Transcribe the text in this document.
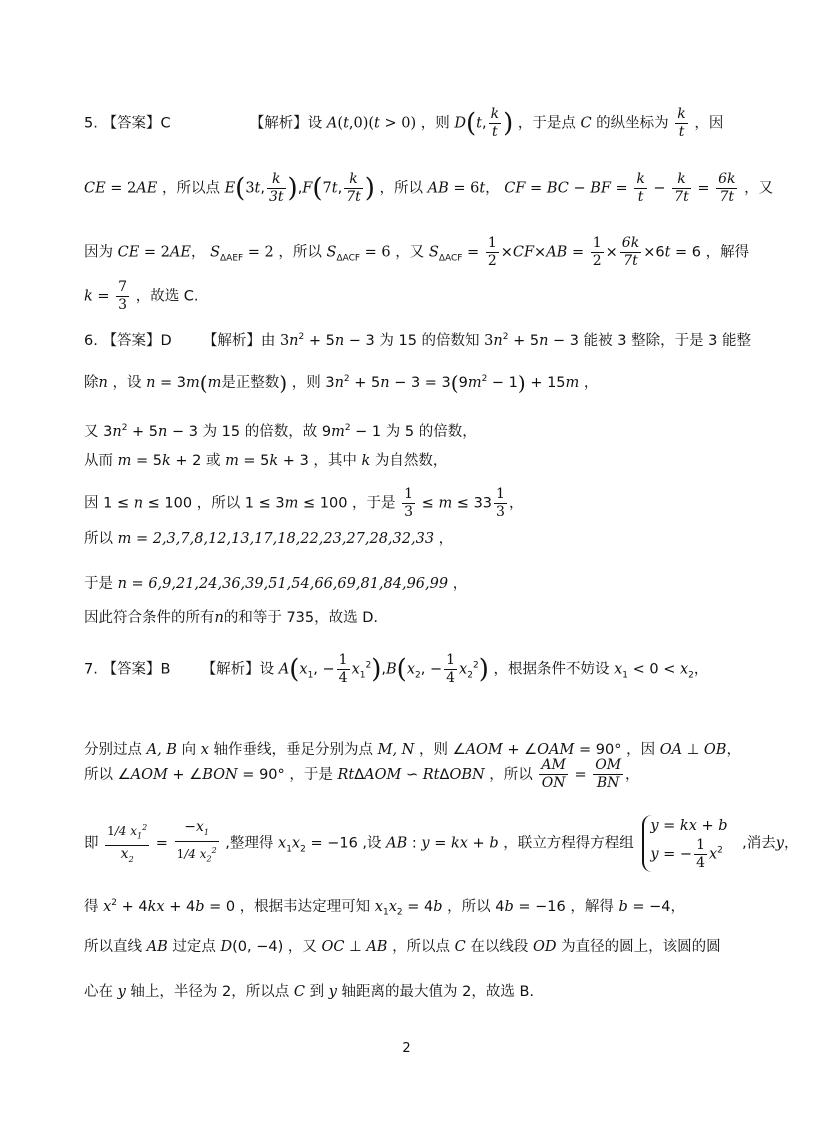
5. 【答案】C	【解析】设 A(t,0)(t > 0) ，则 D(t, $\frac{k}{t}$ ) ，于是点 C 的纵坐标为 $\frac{k}{t}$ ，因
CE = 2AE ，所以点 E(3t, $\frac{k}{3t} ),F(7t$, $\frac{k}{7t}$ ) ，所以 AB = 6t， CF = BC − BF = $\frac{k}{t} - \frac{k}{7t} = \frac{6k}{7t}$ ，又
因为 CE = 2AE， $S_{\Delta AEF} = 2$ ，所以 $S_{\Delta ACF} = 6$ ，又 $S_{\Delta ACF} = \frac{1}{2} \times CF\times AB = \frac{1}{2} \times \frac{6k}{7t} \times 6t = 6$ ，解得
$k = \frac{7}{3}$ ，故选 C.
6. 【答案】D 【解析】由 $3n^2 + 5n - 3$ 为 15 的倍数知 $3n^2 + 5n - 3$ 能被 3 整除，于是 3 能整
除n ，设 n = 3m(m是正整数) ，则 $3n^2 + 5n - 3 = 3(9m^2 - 1) + 15m$ ，
又 $3n^2 + 5n - 3$ 为 15 的倍数，故 $9m^2 - 1$ 为 5 的倍数，
从而 m = 5k + 2 或 m = 5k + 3 ，其中 k 为自然数，
因 1 ≤ n ≤ 100 ，所以 1 ≤ 3m ≤ 100 ，于是 $\frac{1}{3} \le m \le 33 \frac{1}{3}$ ，
所以 m = 2,3,7,8,12,13,17,18,22,23,27,28,32,33 ，
于是 n = 6,9,21,24,36,39,51,54,66,69,81,84,96,99 ，
因此符合条件的所有n的和等于 735，故选 D.
7. 【答案】B 【解析】设 $A(x_1$, − $\frac{1}{4} x_1^2),B(x_2$, − $\frac{1}{4} x_2^2$) ，根据条件不妨设 $x_1 < 0 < x_2$，
分别过点 A, B 向 x 轴作垂线，垂足分别为点 M, N ，则 ∠AOM + ∠OAM = 90° ，因 OA ⊥ OB，
所以 ∠AOM + ∠BON = 90° ，于是 RtΔAOM ∽ RtΔOBN ，所以 $\frac{AM}{ON} = \frac{OM}{BN}$ ，
即 $\frac{1/4 x_1^2}{x_2} = \frac{-x_1}{1/4 x_2^2}$ ,整理得 $x_1x_2 = -16$ ,设 AB : y = kx + b ，联立方程得方程组
y = kx + b
y = − $\frac{1}{4} x^2$	,消去y，
得 $x^2 + 4kx + 4b = 0$ ，根据韦达定理可知 $x_1x_2 = 4b$ ，所以 4b = −16 ，解得 b = −4，
所以直线 AB 过定点 D(0, −4) ，又 OC ⊥ AB ，所以点 C 在以线段 OD 为直径的圆上，该圆的圆
心在 y 轴上，半径为 2，所以点 C 到 y 轴距离的最大值为 2，故选 B.
2
